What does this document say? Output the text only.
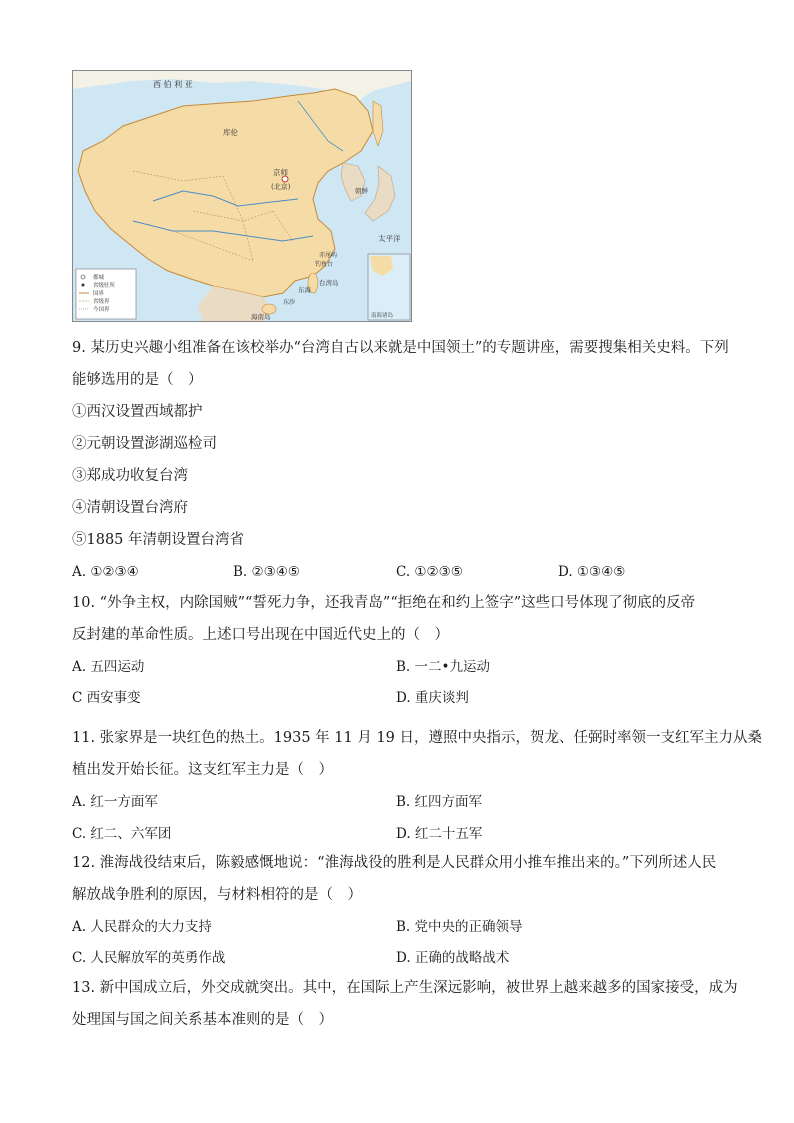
西 伯 利 亚
库伦
京师
(北京)	朝鲜
太平洋
赤尾屿
钓鱼台
台湾岛
东海
东沙
海南岛
都城
省级驻所
国界
省级界
今国界
南海诸岛
9. 某历史兴趣小组准备在该校举办“台湾自古以来就是中国领土”的专题讲座，需要搜集相关史料。下列
能够选用的是（　）
①西汉设置西域都护
②元朝设置澎湖巡检司
③郑成功收复台湾
④清朝设置台湾府
⑤1885 年清朝设置台湾省
A. ①②③④	B. ②③④⑤	C. ①②③⑤	D. ①③④⑤
10. “外争主权，内除国贼”“誓死力争，还我青岛”“拒绝在和约上签字”这些口号体现了彻底的反帝
反封建的革命性质。上述口号出现在中国近代史上的（　）
A. 五四运动	B. 一二•九运动
C 西安事变	D. 重庆谈判
11. 张家界是一块红色的热土。1935 年 11 月 19 日，遵照中央指示，贺龙、任弼时率领一支红军主力从桑
植出发开始长征。这支红军主力是（　）
A. 红一方面军	B. 红四方面军
C. 红二、六军团	D. 红二十五军
12. 淮海战役结束后，陈毅感慨地说：“淮海战役的胜利是人民群众用小推车推出来的。”下列所述人民
解放战争胜利的原因，与材料相符的是（　）
A. 人民群众的大力支持	B. 党中央的正确领导
C. 人民解放军的英勇作战	D. 正确的战略战术
13. 新中国成立后，外交成就突出。其中，在国际上产生深远影响，被世界上越来越多的国家接受，成为
处理国与国之间关系基本准则的是（　）
